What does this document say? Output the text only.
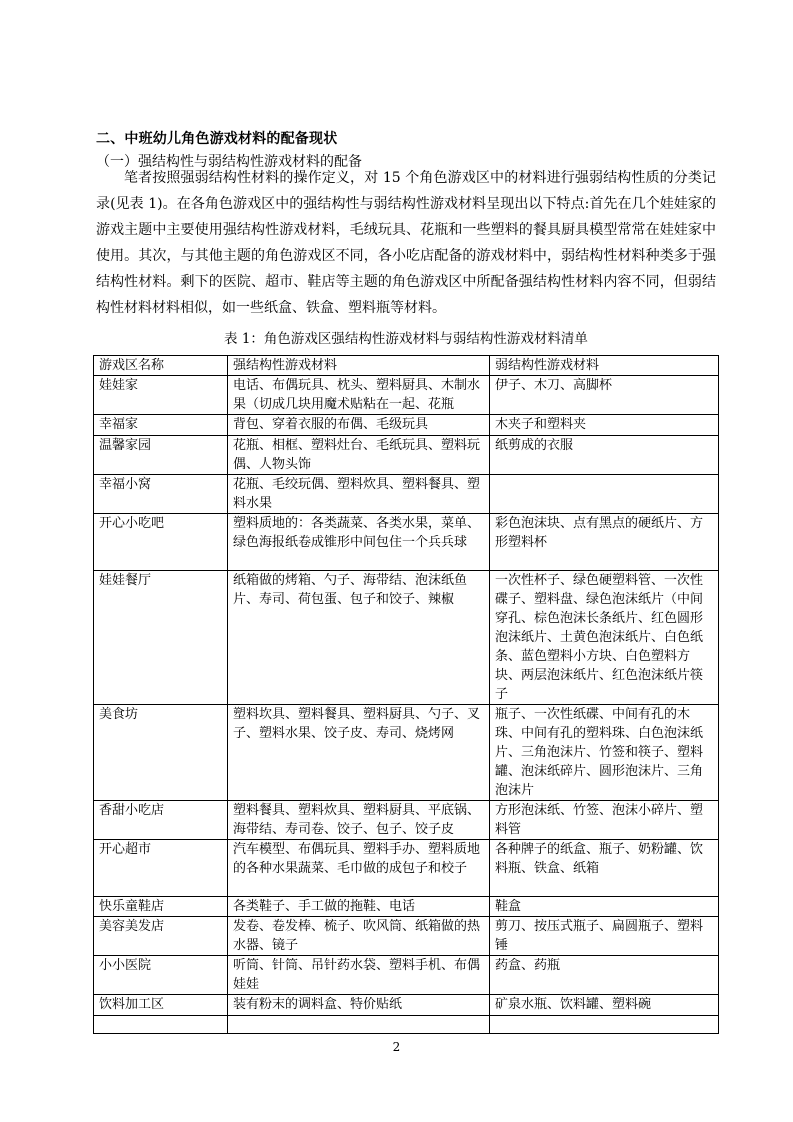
二、中班幼儿角色游戏材料的配备现状
（一）强结构性与弱结构性游戏材料的配备
笔者按照强弱结构性材料的操作定义，对 15 个角色游戏区中的材料进行强弱结构性质的分类记录(见表 1)。在各角色游戏区中的强结构性与弱结构性游戏材料呈现出以下特点:首先在几个娃娃家的游戏主题中主要使用强结构性游戏材料，毛绒玩具、花瓶和一些塑料的餐具厨具模型常常在娃娃家中使用。其次，与其他主题的角色游戏区不同，各小吃店配备的游戏材料中，弱结构性材料种类多于强结构性材料。剩下的医院、超市、鞋店等主题的角色游戏区中所配备强结构性材料内容不同，但弱结构性材料材料相似，如一些纸盒、铁盒、塑料瓶等材料。
表 1：角色游戏区强结构性游戏材料与弱结构性游戏材料清单
游戏区名称	强结构性游戏材料	弱结构性游戏材料
娃娃家	电话、布偶玩具、枕头、塑料厨具、木制水果（切成几块用魔术贴粘在一起、花瓶	伊子、木刀、高脚杯
幸福家	背包、穿着衣服的布偶、毛级玩具	木夹子和塑料夹
温馨家园	花瓶、相框、塑料灶台、毛纸玩具、塑料玩偶、人物头饰	纸剪成的衣服
幸福小窝	花瓶、毛绞玩偶、塑料炊具、塑料餐具、塑料水果	
开心小吃吧	塑料质地的：各类蔬菜、各类水果，菜单、绿色海报纸卷成锥形中间包住一个兵兵球	彩色泡沫块、点有黑点的硬纸片、方形塑料杯
娃娃餐厅	纸箱做的烤箱、勺子、海带结、泡沫纸鱼片、寿司、荷包蛋、包子和饺子、辣椒	一次性杯子、绿色硬塑料管、一次性碟子、塑料盘、绿色泡沫纸片（中间穿孔、棕色泡沫长条纸片、红色圆形泡沫纸片、土黄色泡沫纸片、白色纸条、蓝色塑料小方块、白色塑料方块、两层泡沫纸片、红色泡沫纸片筷子
美食坊	塑料坎具、塑料餐具、塑料厨具、勺子、叉子、塑料水果、饺子皮、寿司、烧烤网	瓶子、一次性纸碟、中间有孔的木珠、中间有孔的塑料珠、白色泡沫纸片、三角泡沫片、竹签和筷子、塑料罐、泡沫纸碎片、圆形泡沫片、三角泡沫片
香甜小吃店	塑料餐具、塑料炊具、塑料厨具、平底锅、海带结、寿司卷、饺子、包子、饺子皮	方形泡沫纸、竹签、泡沫小碎片、塑料管
开心超市	汽车模型、布偶玩具、塑料手办、塑料质地的各种水果蔬菜、毛巾做的成包子和校子	各种牌子的纸盒、瓶子、奶粉罐、饮料瓶、铁盒、纸箱
快乐童鞋店	各类鞋子、手工做的拖鞋、电话	鞋盒
美容美发店	发卷、卷发棒、梳子、吹风筒、纸箱做的热水器、镜子	剪刀、按压式瓶子、扁圆瓶子、塑料锤
小小医院	听筒、针筒、吊针药水袋、塑料手机、布偶娃娃	药盒、药瓶
饮料加工区	装有粉末的调料盒、特价贴纸	矿泉水瓶、饮料罐、塑料碗

2
